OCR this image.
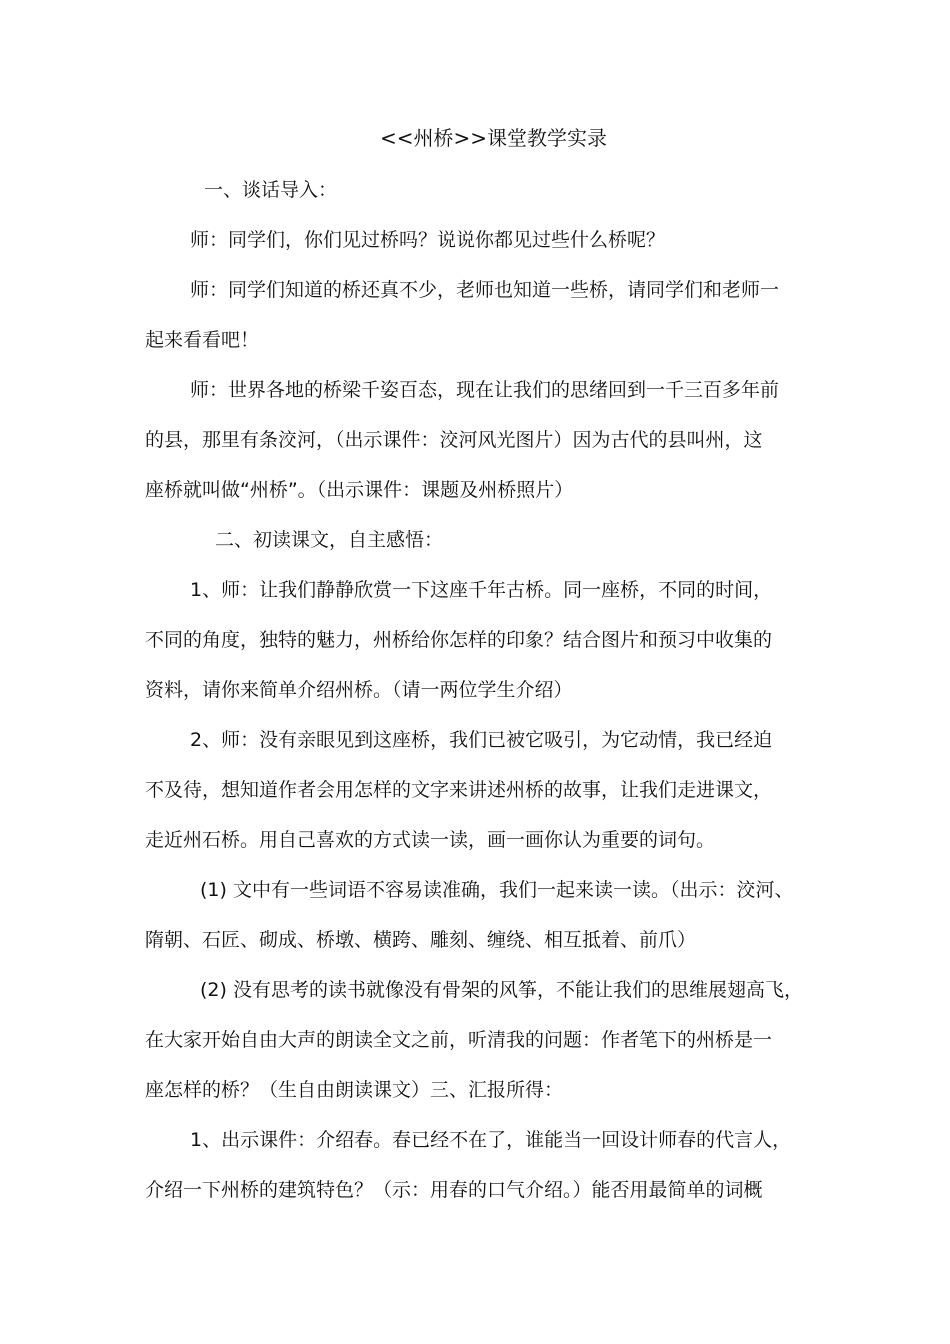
<<州桥>>课堂教学实录
一、谈话导入：
师：同学们，你们见过桥吗？说说你都见过些什么桥呢？
师：同学们知道的桥还真不少，老师也知道一些桥，请同学们和老师一
起来看看吧！
师：世界各地的桥梁千姿百态，现在让我们的思绪回到一千三百多年前
的县，那里有条洨河，（出示课件：洨河风光图片）因为古代的县叫州，这
座桥就叫做“州桥”。（出示课件：课题及州桥照片）
二、初读课文，自主感悟：
1、师：让我们静静欣赏一下这座千年古桥。同一座桥，不同的时间，
不同的角度，独特的魅力，州桥给你怎样的印象？结合图片和预习中收集的
资料，请你来简单介绍州桥。（请一两位学生介绍）
2、师：没有亲眼见到这座桥，我们已被它吸引，为它动情，我已经迫
不及待，想知道作者会用怎样的文字来讲述州桥的故事，让我们走进课文，
走近州石桥。用自己喜欢的方式读一读，画一画你认为重要的词句。
(1) 文中有一些词语不容易读准确，我们一起来读一读。（出示：洨河、
隋朝、石匠、砌成、桥墩、横跨、雕刻、缠绕、相互抵着、前爪）
(2) 没有思考的读书就像没有骨架的风筝，不能让我们的思维展翅高飞，
在大家开始自由大声的朗读全文之前，听清我的问题：作者笔下的州桥是一
座怎样的桥？（生自由朗读课文）三、汇报所得：
1、出示课件：介绍春。春已经不在了，谁能当一回设计师春的代言人，
介绍一下州桥的建筑特色？（示：用春的口气介绍。）能否用最简单的词概
